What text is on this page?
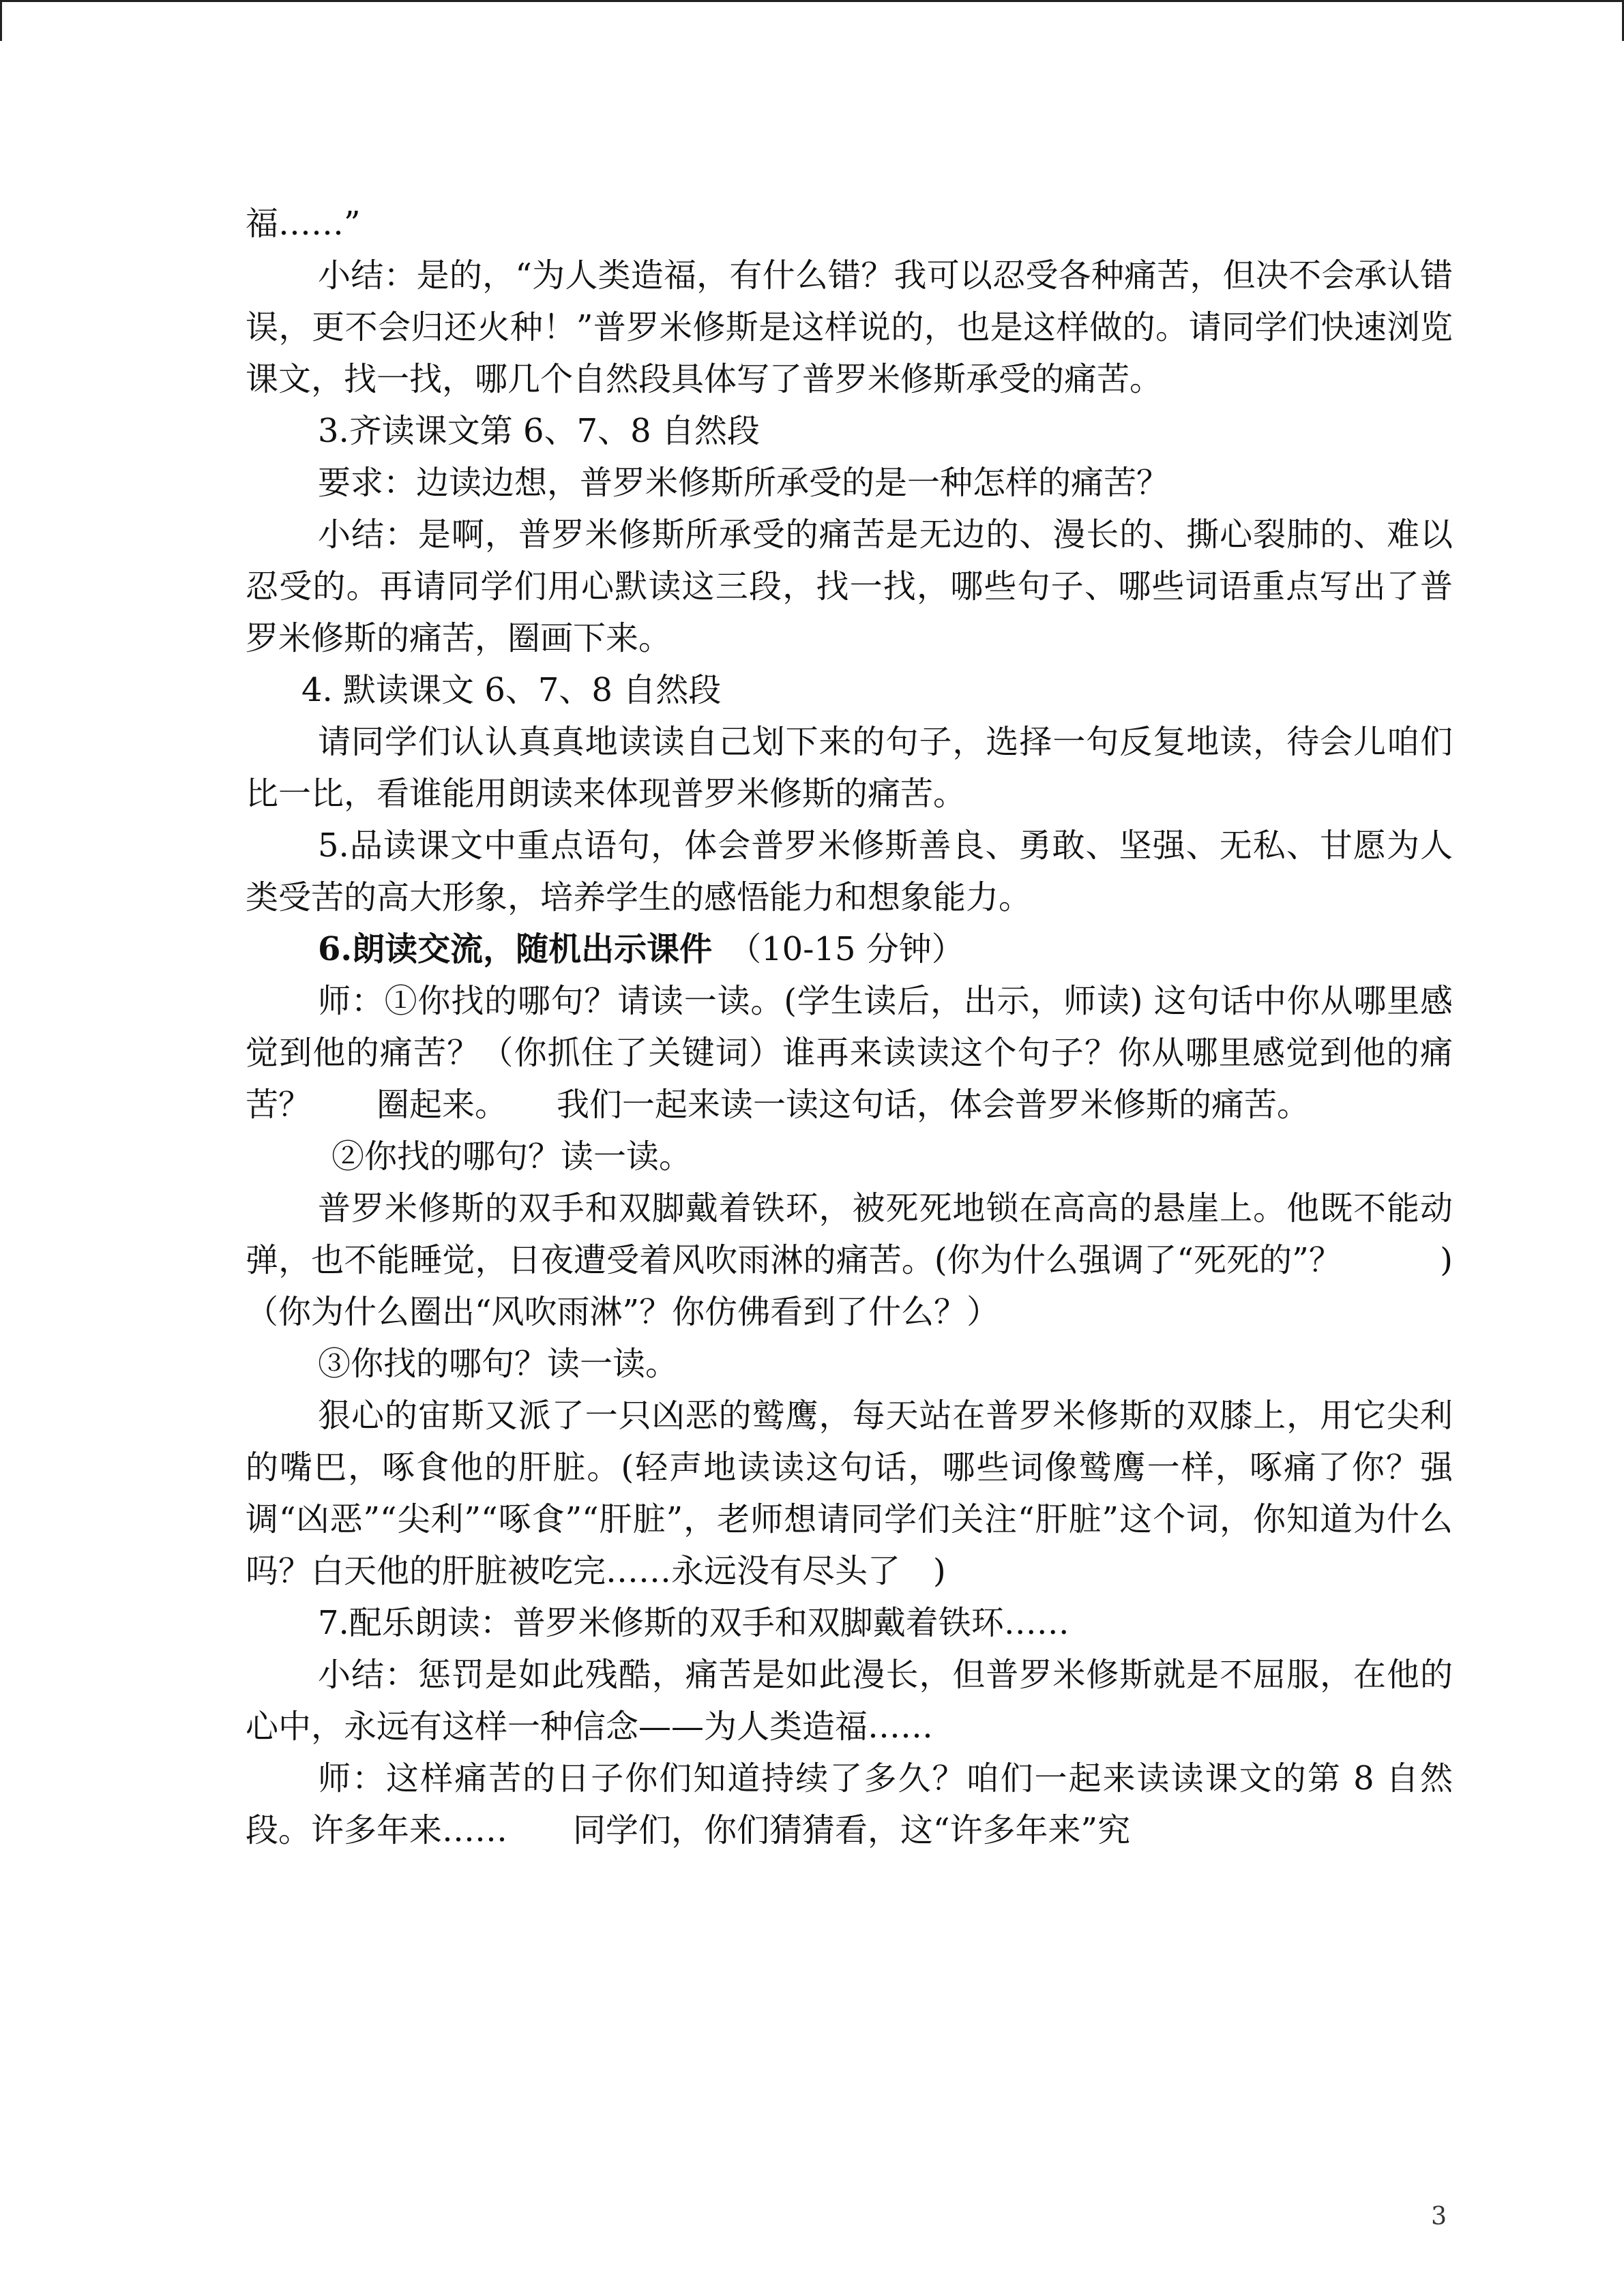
福……”

小结：是的，“为人类造福，有什么错？我可以忍受各种痛苦，但决不会承认错误，更不会归还火种！”普罗米修斯是这样说的，也是这样做的。请同学们快速浏览课文，找一找，哪几个自然段具体写了普罗米修斯承受的痛苦。

3.齐读课文第 6、7、8 自然段

要求：边读边想，普罗米修斯所承受的是一种怎样的痛苦？

小结：是啊，普罗米修斯所承受的痛苦是无边的、漫长的、撕心裂肺的、难以忍受的。再请同学们用心默读这三段，找一找，哪些句子、哪些词语重点写出了普罗米修斯的痛苦，圈画下来。

4. 默读课文 6、7、8 自然段

请同学们认认真真地读读自己划下来的句子，选择一句反复地读，待会儿咱们比一比，看谁能用朗读来体现普罗米修斯的痛苦。

5.品读课文中重点语句，体会普罗米修斯善良、勇敢、坚强、无私、甘愿为人类受苦的高大形象，培养学生的感悟能力和想象能力。

6.朗读交流，随机出示课件　（10-15 分钟）

师：①你找的哪句？请读一读。(学生读后，出示，师读) 这句话中你从哪里感觉到他的痛苦？（你抓住了关键词）谁再来读读这个句子？你从哪里感觉到他的痛苦？　　圈起来。　　我们一起来读一读这句话，体会普罗米修斯的痛苦。

②你找的哪句？读一读。

普罗米修斯的双手和双脚戴着铁环，被死死地锁在高高的悬崖上。他既不能动弹，也不能睡觉，日夜遭受着风吹雨淋的痛苦。(你为什么强调了“死死的”？　　　)（你为什么圈出“风吹雨淋”？你仿佛看到了什么？）

③你找的哪句？读一读。

狠心的宙斯又派了一只凶恶的鹫鹰，每天站在普罗米修斯的双膝上，用它尖利的嘴巴，啄食他的肝脏。(轻声地读读这句话，哪些词像鹫鹰一样，啄痛了你？强调“凶恶”“尖利”“啄食”“肝脏”，老师想请同学们关注“肝脏”这个词，你知道为什么吗？白天他的肝脏被吃完……永远没有尽头了　)

7.配乐朗读：普罗米修斯的双手和双脚戴着铁环……

小结：惩罚是如此残酷，痛苦是如此漫长，但普罗米修斯就是不屈服，在他的心中，永远有这样一种信念——为人类造福……

师：这样痛苦的日子你们知道持续了多久？咱们一起来读读课文的第 8 自然段。许多年来……　　同学们，你们猜猜看，这“许多年来”究

3
